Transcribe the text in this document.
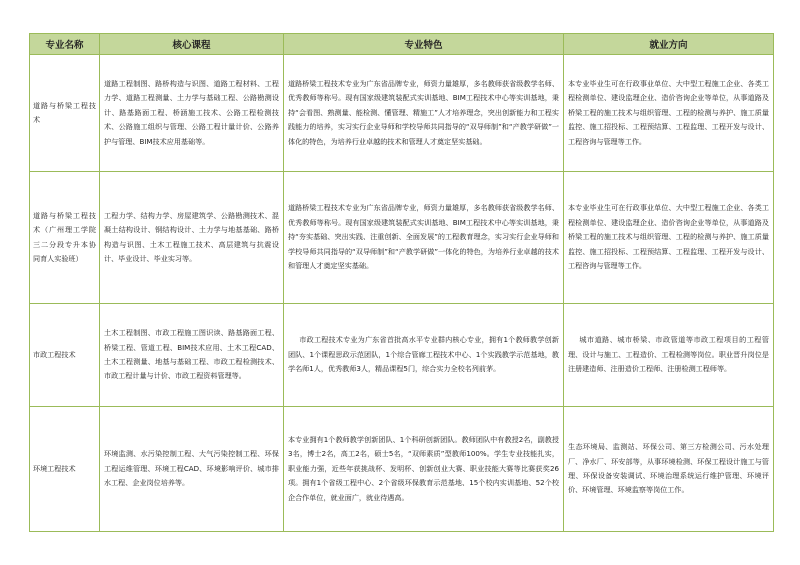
专业名称	核心课程	专业特色	就业方向
道路与桥梁工程技术	道路工程制图、路桥构造与识图、道路工程材料、工程力学、道路工程测量、土力学与基础工程、公路勘测设计、路基路面工程、桥涵施工技术、公路工程检测技术、公路施工组织与管理、公路工程计量计价、公路养护与管理、BIM技术应用基础等。	道路桥梁工程技术专业为广东省品牌专业，师资力量雄厚，多名教师获省级教学名师、优秀教师等称号。现有国家级建筑装配式实训基地、BIM工程技术中心等实训基地，秉持“会看图、熟测量、能检测、懂管理、精施工”人才培养理念，突出创新能力和工程实践能力的培养，实习实行企业导师和学校导师共同指导的“双导师制”和“产教学研做”一体化的特色，为培养行业卓越的技术和管理人才奠定坚实基础。	本专业毕业生可在行政事业单位、大中型工程施工企业、各类工程检测单位、建设监理企业、造价咨询企业等单位，从事道路及桥梁工程的施工技术与组织管理、工程的检测与养护、施工质量监控、施工招投标、工程预结算、工程监理、工程开发与设计、工程咨询与管理等工作。
道路与桥梁工程技术（广州理工学院三二分段专升本协同育人实验班）	工程力学、结构力学、房屋建筑学、公路勘测技术、混凝土结构设计、钢结构设计、土力学与地基基础、路桥构造与识图、土木工程施工技术、高层建筑与抗震设计、毕业设计、毕业实习等。	道路桥梁工程技术专业为广东省品牌专业，师资力量雄厚，多名教师获省级教学名师、优秀教师等称号。现有国家级建筑装配式实训基地、BIM工程技术中心等实训基地，秉持“夯实基础、突出实践、注重创新、全面发展”的工程教育理念，实习实行企业导师和学校导师共同指导的“双导师制”和“产教学研做”一体化的特色，为培养行业卓越的技术和管理人才奠定坚实基础。	本专业毕业生可在行政事业单位、大中型工程施工企业、各类工程检测单位、建设监理企业、造价咨询企业等单位，从事道路及桥梁工程的施工技术与组织管理、工程的检测与养护、施工质量监控、施工招投标、工程预结算、工程监理、工程开发与设计、工程咨询与管理等工作。
市政工程技术	土木工程制图、市政工程施工图识读、路基路面工程、桥梁工程、管道工程、BIM技术应用、土木工程CAD、土木工程测量、地基与基础工程、市政工程检测技术、市政工程计量与计价、市政工程资料管理等。	市政工程技术专业为广东省首批高水平专业群内核心专业，拥有1个教师教学创新团队、1个课程思政示范团队，1个综合管廊工程技术中心、1个实践教学示范基地，教学名师1人，优秀教师3人，精品课程5门，综合实力全校名列前茅。	城市道路、城市桥梁、市政管道等市政工程项目的工程管理、设计与施工、工程造价、工程检测等岗位。职业晋升岗位是注册建造师、注册造价工程师、注册检测工程师等。
环境工程技术	环境监测、水污染控制工程、大气污染控制工程、环保工程运维管理、环境工程CAD、环境影响评价、城市排水工程、企业岗位培养等。	本专业拥有1个教师教学创新团队、1个科研创新团队。教师团队中有教授2名，副教授3名，博士2名，高工2名，硕士5名，“双师素质”型教师100%。学生专业技能扎实，职业能力强，近些年获挑战杯、发明杯、创新创业大赛、职业技能大赛等比赛获奖26项。拥有1个省级工程中心、2个省级环保教育示范基地、15个校内实训基地、52个校企合作单位，就业面广，就业待遇高。	生态环境局、监测站、环保公司、第三方检测公司、污水处理厂、净水厂、环安部等，从事环境检测、环保工程设计施工与管理、环保设备安装调试、环境治理系统运行维护管理、环境评价、环境管理、环境监察等岗位工作。
